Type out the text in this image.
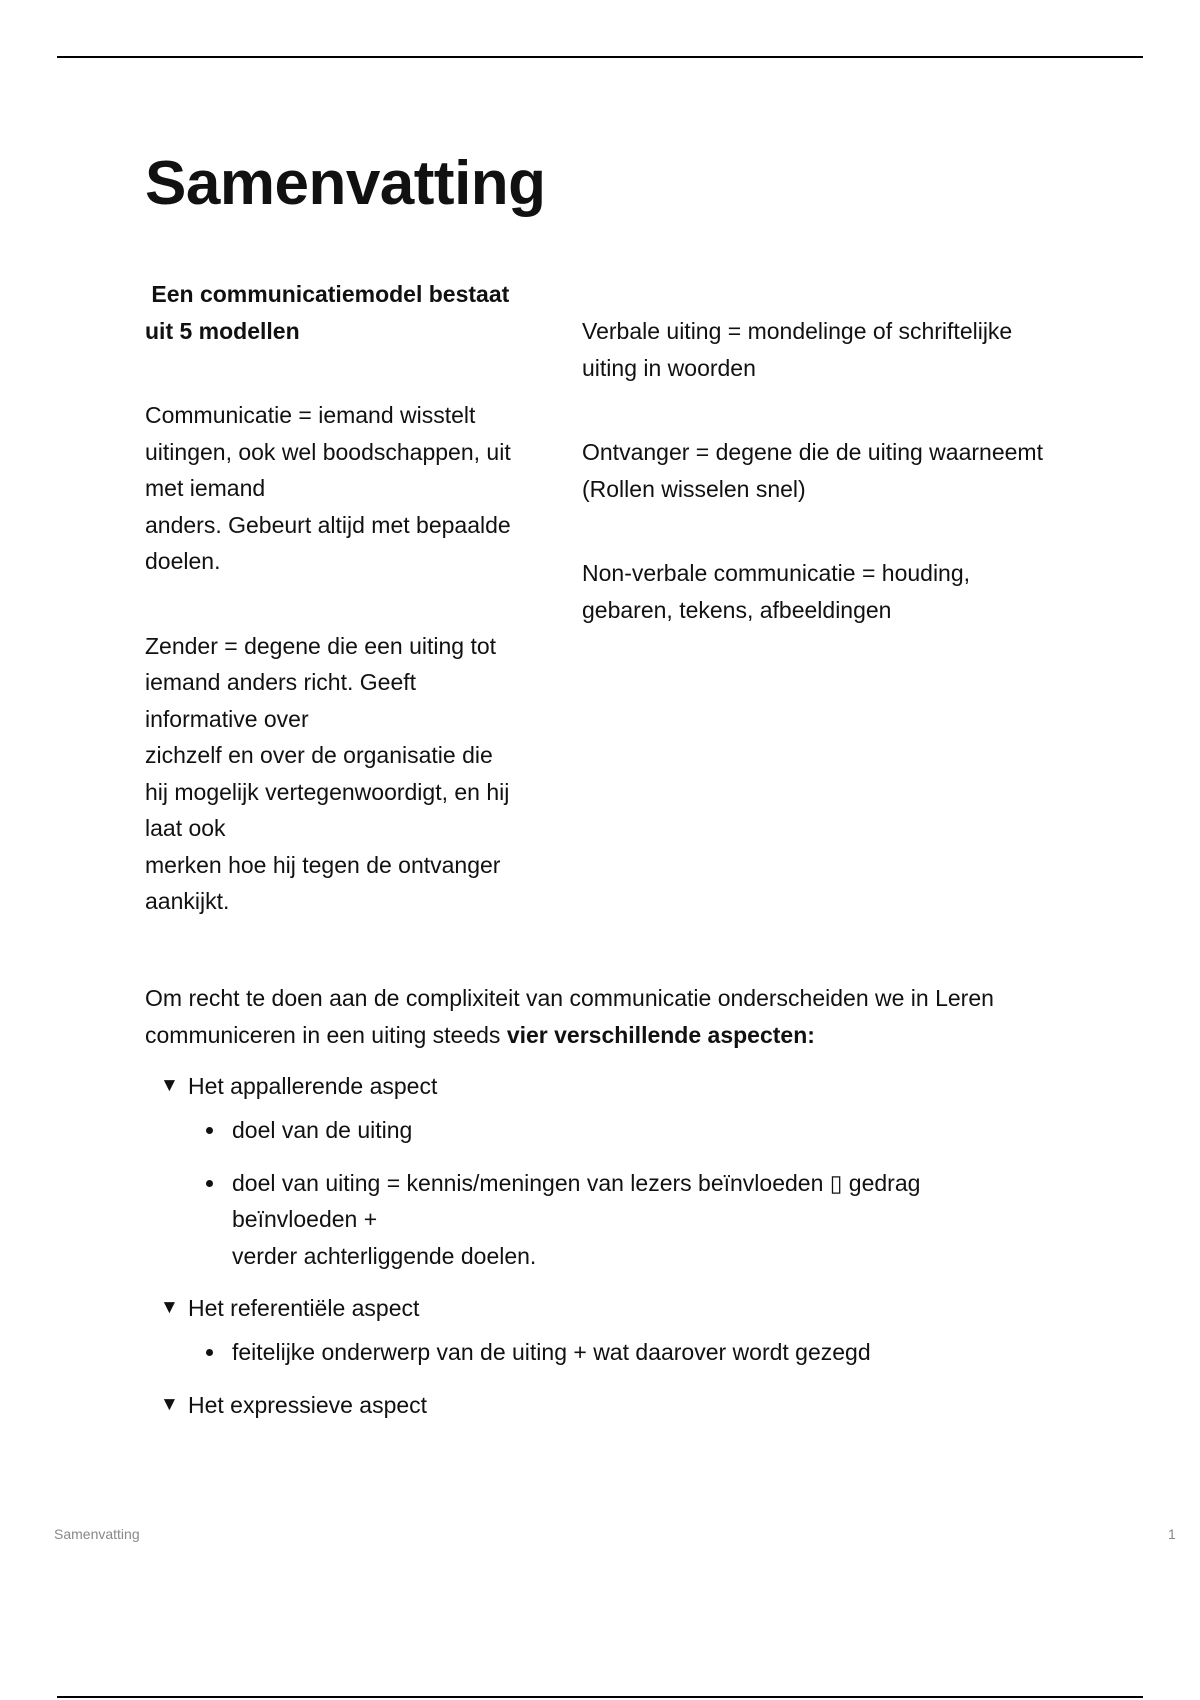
Samenvatting
Een communicatiemodel bestaat
uit 5 modellen
Communicatie = iemand wisstelt
uitingen, ook wel boodschappen, uit
met iemand
anders. Gebeurt altijd met bepaalde
doelen.
Zender = degene die een uiting tot
iemand anders richt. Geeft
informative over
zichzelf en over de organisatie die
hij mogelijk vertegenwoordigt, en hij
laat ook
merken hoe hij tegen de ontvanger
aankijkt.
Verbale uiting = mondelinge of schriftelijke
uiting in woorden
Ontvanger = degene die de uiting waarneemt
(Rollen wisselen snel)
Non-verbale communicatie = houding,
gebaren, tekens, afbeeldingen

Om recht te doen aan de complixiteit van communicatie onderscheiden we in Leren
communiceren in een uiting steeds vier verschillende aspecten:

▼ Het appallerende aspect
doel van de uiting
doel van uiting = kennis/meningen van lezers beïnvloeden ▯ gedrag
beïnvloeden +
verder achterliggende doelen.
▼ Het referentiële aspect
feitelijke onderwerp van de uiting + wat daarover wordt gezegd
▼ Het expressieve aspect
Samenvatting	1
